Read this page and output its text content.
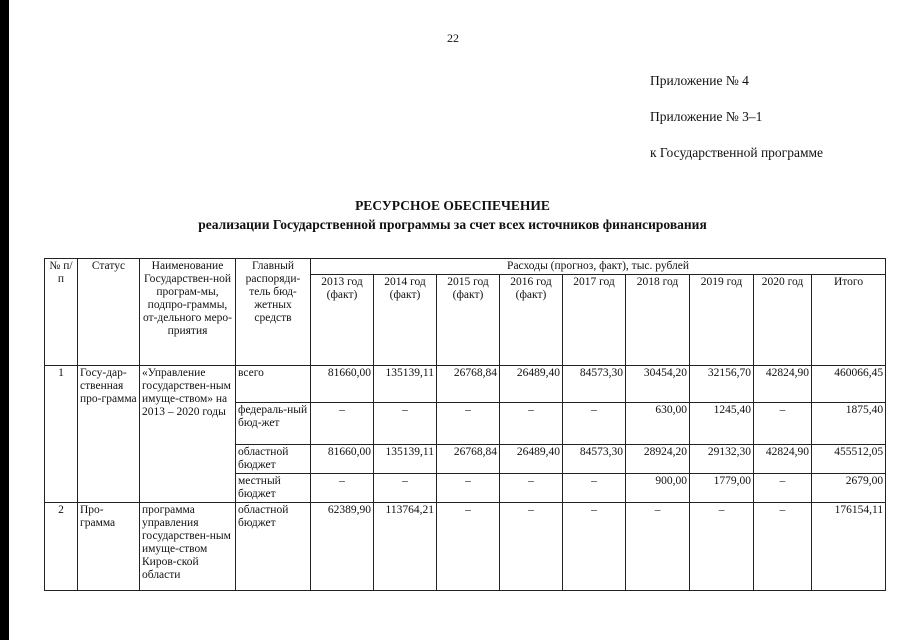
22
Приложение № 4
Приложение № 3–1
к Государственной программе
РЕСУРСНОЕ ОБЕСПЕЧЕНИЕ
реализации Государственной программы за счет всех источников финансирования
№ п/п	Статус	Наименование Государствен-ной програм-мы, подпро-граммы, от-дельного меро-приятия	Главный распоряди-тель бюд-жетных средств	Расходы (прогноз, факт), тыс. рублей								
				2013 год (факт)	2014 год (факт)	2015 год (факт)	2016 год (факт)	2017 год	2018 год	2019 год	2020 год	Итого
1	Госу-дар-ственная про-грамма	«Управление государствен-ным имуще-ством» на 2013 – 2020 годы	всего	81660,00	135139,11	26768,84	26489,40	84573,30	30454,20	32156,70	42824,90	460066,45
			федераль-ный бюд-жет	–	–	–	–	–	630,00	1245,40	–	1875,40
			областной бюджет	81660,00	135139,11	26768,84	26489,40	84573,30	28924,20	29132,30	42824,90	455512,05
			местный бюджет	–	–	–	–	–	900,00	1779,00	–	2679,00
2	Про-грамма	программа управления государствен-ным имуще-ством Киров-ской области	областной бюджет	62389,90	113764,21	–	–	–	–	–	–	176154,11
